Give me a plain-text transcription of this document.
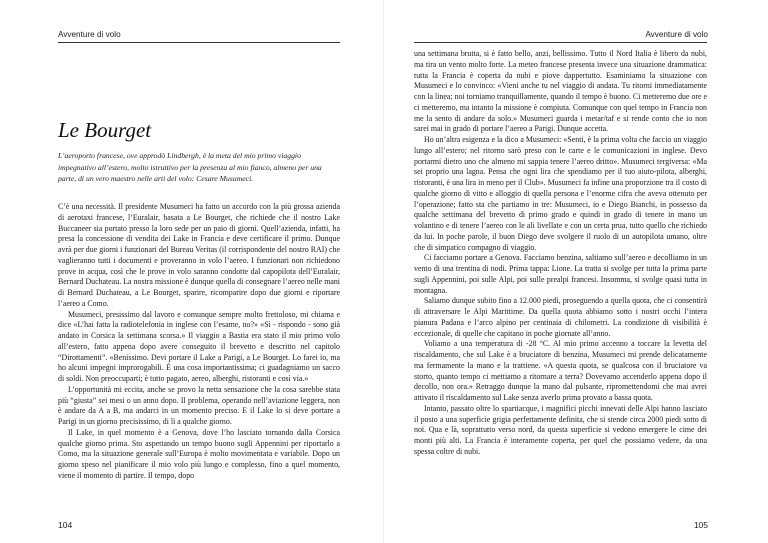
Avventure di volo
Le Bourget

L’aeroporto francese, ove approdò Lindbergh, è la meta del mio primo viaggio impegnativo all’estero, molto istruttivo per la presenza al mio fianco, almeno per una parte, di un vero maestro nelle arti del volo: Cesare Musumeci.

C’è una necessità. Il presidente Musumeci ha fatto un accordo con la più grossa azienda di aerotaxi francese, l’Euralair, basata a Le Bourget, che richiede che il nostro Lake Buccaneer sia portato presso la loro sede per un paio di giorni. Quell’azienda, infatti, ha presa la concessione di vendita dei Lake in Francia e deve certificare il primo. Dunque avrà per due giorni i funzionari del Bureau Veritas (il corrispondente del nostro RAI) che vaglieranno tutti i documenti e proveranno in volo l’aereo. I funzionari non richiedono prove in acqua, così che le prove in volo saranno condotte dal capopilota dell’Euralair, Bernard Duchateau. La nostra missione è dunque quella di consegnare l’aereo nelle mani di Bernard Duchateau, a Le Bourget, sparire, ricomparire dopo due giorni e riportare l’aereo a Como.

Musumeci, presissimo dal lavoro e comunque sempre molto frettoloso, mi chiama e dice «L’hai fatta la radiotelefonia in inglese con l’esame, no?» «Sì - rispondo - sono già andato in Corsica la settimana scorsa.» Il viaggio a Bastia era stato il mio primo volo all’estero, fatto appena dopo avere conseguito il brevetto e descritto nel capitolo “Dirottamenti”. «Benissimo. Devi portare il Lake a Parigi, a Le Bourget. Lo farei io, ma ho alcuni impegni improrogabili. È una cosa importantissima; ci guadagniamo un sacco di soldi. Non preoccuparti; è tutto pagato, aereo, alberghi, ristoranti e così via.»

L’opportunità mi eccita, anche se provo la netta sensazione che la cosa sarebbe stata più “giusta” sei mesi o un anno dopo. Il problema, operando nell’aviazione leggera, non è andare da A a B, ma andarci in un momento preciso. E il Lake lo si deve portare a Parigi in un giorno precisissimo, di lì a qualche giorno.

Il Lake, in quel momento è a Genova, dove l’ho lasciato tornando dalla Corsica qualche giorno prima. Sto aspettando un tempo buono sugli Appennini per riportarlo a Como, ma la situazione generale sull’Europa è molto movimentata e variabile. Dopo un giorno speso nel pianificare il mio volo più lungo e complesso, fino a quel momento, viene il momento di partire. Il tempo, dopo

104
Avventure di volo

una settimana brutta, si è fatto bello, anzi, bellissimo. Tutto il Nord Italia è libero da nubi, ma tira un vento molto forte. La meteo francese presenta invece una situazione drammatica: tutta la Francia è coperta da nubi e piove dappertutto. Esaminiamo la situazione con Musumeci e lo convinco: «Vieni anche tu nel viaggio di andata. Tu ritorni immediatamente con la linea; noi torniamo tranquillamente, quando il tempo è buono. Ci metteremo due ore e ci metteremo, ma intanto la missione è compiuta. Comunque con quel tempo in Francia non me la sento di andare da solo.» Musumeci guarda i metar/taf e si rende conto che io non sarei mai in grado di portare l’aereo a Parigi. Dunque accetta.

Ho un’altra esigenza e la dico a Musumeci: «Senti, è la prima volta che faccio un viaggio lungo all’estero; nel ritorno sarò preso con le carte e le comunicazioni in inglese. Devo portarmi dietro uno che almeno mi sappia tenere l’aereo dritto». Musumeci tergiversa: «Ma sei proprio una lagna. Pensa che ogni lira che spendiamo per il tuo aiuto-pilota, alberghi, ristoranti, è una lira in meno per il Club». Musumeci fa infine una proporzione tra il costo di qualche giorno di vitto e alloggio di quella persona e l’enorme cifra che aveva ottenuto per l’operazione; fatto sta che partiamo in tre: Musumeci, io e Diego Bianchi, in possesso da qualche settimana del brevetto di primo grado e quindi in grado di tenere in mano un volantino e di tenere l’aereo con le ali livellate e con un certa prua, tutto quello che richiedo da lui. In poche parole, il buon Diego deve svolgere il ruolo di un autopilota umano, oltre che di simpatico compagno di viaggio.

Ci facciamo portare a Genova. Facciamo benzina, saltiamo sull’aereo e decolliamo in un vento di una trentina di nodi. Prima tappa: Lione. La tratta si svolge per tutta la prima parte sugli Appennini, poi sulle Alpi, poi sulle prealpi francesi. Insomma, si svolge quasi tutta in montagna.

Saliamo dunque subito fino a 12.000 piedi, proseguendo a quella quota, che ci consentirà di attraversare le Alpi Marittime. Da quella quota abbiamo sotto i nostri occhi l’intera pianura Padana e l’arco alpino per centinaia di chilometri. La condizione di visibilità è eccezionale, di quelle che capitano in poche giornate all’anno.

Voliamo a una temperatura di -28 °C. Al mio primo accenno a toccare la levetta del riscaldamento, che sul Lake è a bruciatore di benzina, Musumeci mi prende delicatamente ma fermamente la mano e la trattiene. «A questa quota, se qualcosa con il bruciatore va storto, quanto tempo ci mettiamo a ritornare a terra? Dovevamo accenderlo appena dopo il decollo, non ora.» Retraggo dunque la mano dal pulsante, ripromettendomi che mai avrei attivato il riscaldamento sul Lake senza averlo prima provato a bassa quota.

Intanto, passato oltre lo spartiacque, i magnifici picchi innevati delle Alpi hanno lasciato il posto a una superficie grigia perfettamente definita, che si stende circa 2000 piedi sotto di noi. Qua e là, soprattutto verso nord, da questa superficie si vedono emergere le cime dei monti più alti. La Francia è interamente coperta, per quel che possiamo vedere, da una spessa coltre di nubi.

105
